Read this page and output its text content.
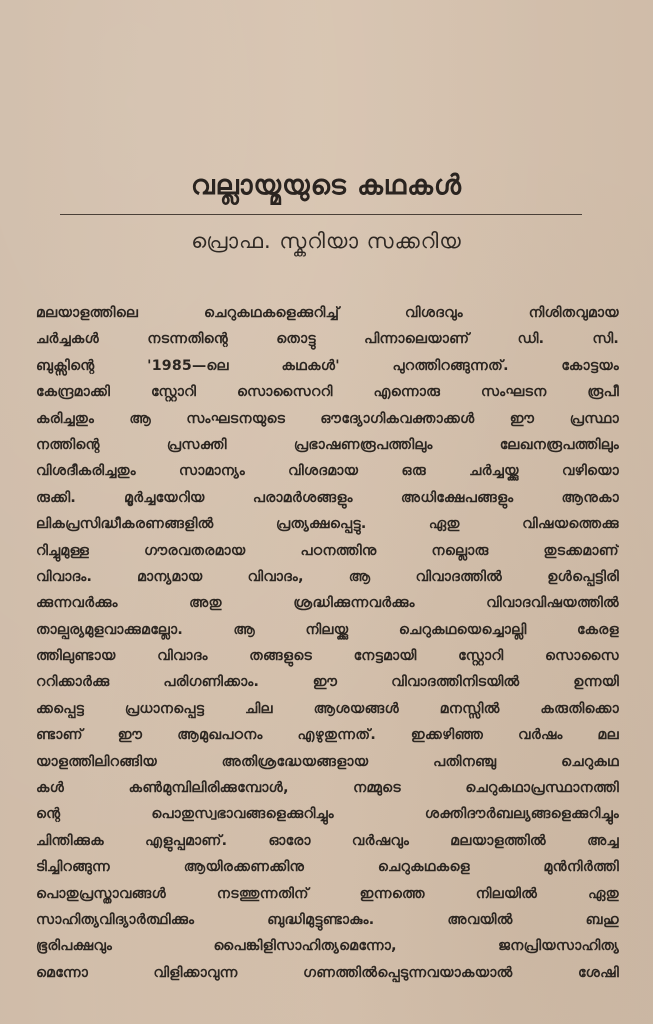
വല്ലായ്മയുടെ കഥകൾ
പ്രൊഫ. സ്കറിയാ സക്കറിയ
മലയാളത്തിലെ ചെറുകഥകളെക്കുറിച്ച് വിശദവും നിശിതവുമായ
ചർച്ചകൾ നടന്നതിന്റെ തൊട്ടു പിന്നാലെയാണ് ഡി. സി.
ബുക്സിന്റെ '1985—ലെ കഥകൾ' പുറത്തിറങ്ങുന്നത്. കോട്ടയം
കേന്ദ്രമാക്കി സ്റ്റോറി സൊസൈററി എന്നൊരു സംഘടന രൂപീ
കരിച്ചതും ആ സംഘടനയുടെ ഔദ്യോഗികവക്താക്കൾ ഈ പ്രസ്ഥാ
നത്തിന്റെ പ്രസക്തി പ്രഭാഷണരൂപത്തിലും ലേഖനരൂപത്തിലും
വിശദീകരിച്ചതും സാമാന്യം വിശദമായ ഒരു ചർച്ചയ്ക്കു വഴിയൊ
രുക്കി. മൂർച്ചയേറിയ പരാമർശങ്ങളും അധിക്ഷേപങ്ങളും ആനുകാ
ലികപ്രസിദ്ധീകരണങ്ങളിൽ പ്രത്യക്ഷപ്പെട്ടു. ഏതു വിഷയത്തെക്കു
റിച്ചുമുള്ള ഗൗരവതരമായ പഠനത്തിനു നല്ലൊരു തുടക്കമാണ്
വിവാദം. മാന്യമായ വിവാദം, ആ വിവാദത്തിൽ ഉൾപ്പെട്ടിരി
ക്കുന്നവർക്കും അതു ശ്രദ്ധിക്കുന്നവർക്കും വിവാദവിഷയത്തിൽ
താല്പര്യമുളവാക്കുമല്ലോ. ആ നിലയ്ക്കു ചെറുകഥയെച്ചൊല്ലി കേരള
ത്തിലുണ്ടായ വിവാദം തങ്ങളുടെ നേട്ടമായി സ്റ്റോറി സൊസൈ
ററിക്കാർക്കു പരിഗണിക്കാം. ഈ വിവാദത്തിനിടയിൽ ഉന്നയി
ക്കപ്പെട്ട പ്രധാനപ്പെട്ട ചില ആശയങ്ങൾ മനസ്സിൽ കരുതിക്കൊ
ണ്ടാണ് ഈ ആമുഖപഠനം എഴുതുന്നത്. ഇക്കഴിഞ്ഞ വർഷം മല
യാളത്തിലിറങ്ങിയ അതിശ്രദ്ധേയങ്ങളായ പതിനഞ്ചു ചെറുകഥ
കൾ കൺമുമ്പിലിരിക്കുമ്പോൾ, നമ്മുടെ ചെറുകഥാപ്രസ്ഥാനത്തി
ന്റെ പൊതുസ്വഭാവങ്ങളെക്കുറിച്ചും ശക്തിദൗർബല്യങ്ങളെക്കുറിച്ചും
ചിന്തിക്കുക എളുപ്പമാണ്. ഓരോ വർഷവും മലയാളത്തിൽ അച്ച
ടിച്ചിറങ്ങുന്ന ആയിരക്കണക്കിനു ചെറുകഥകളെ മുൻനിർത്തി
പൊതുപ്രസ്താവങ്ങൾ നടത്തുന്നതിന് ഇന്നത്തെ നിലയിൽ ഏതു
സാഹിത്യവിദ്യാർത്ഥിക്കും ബുദ്ധിമുട്ടുണ്ടാകും. അവയിൽ ബഹു
ഭൂരിപക്ഷവും പൈങ്കിളിസാഹിത്യമെന്നോ, ജനപ്രിയസാഹിത്യ
മെന്നോ വിളിക്കാവുന്ന ഗണത്തിൽപ്പെടുന്നവയാകയാൽ ശേഷി
